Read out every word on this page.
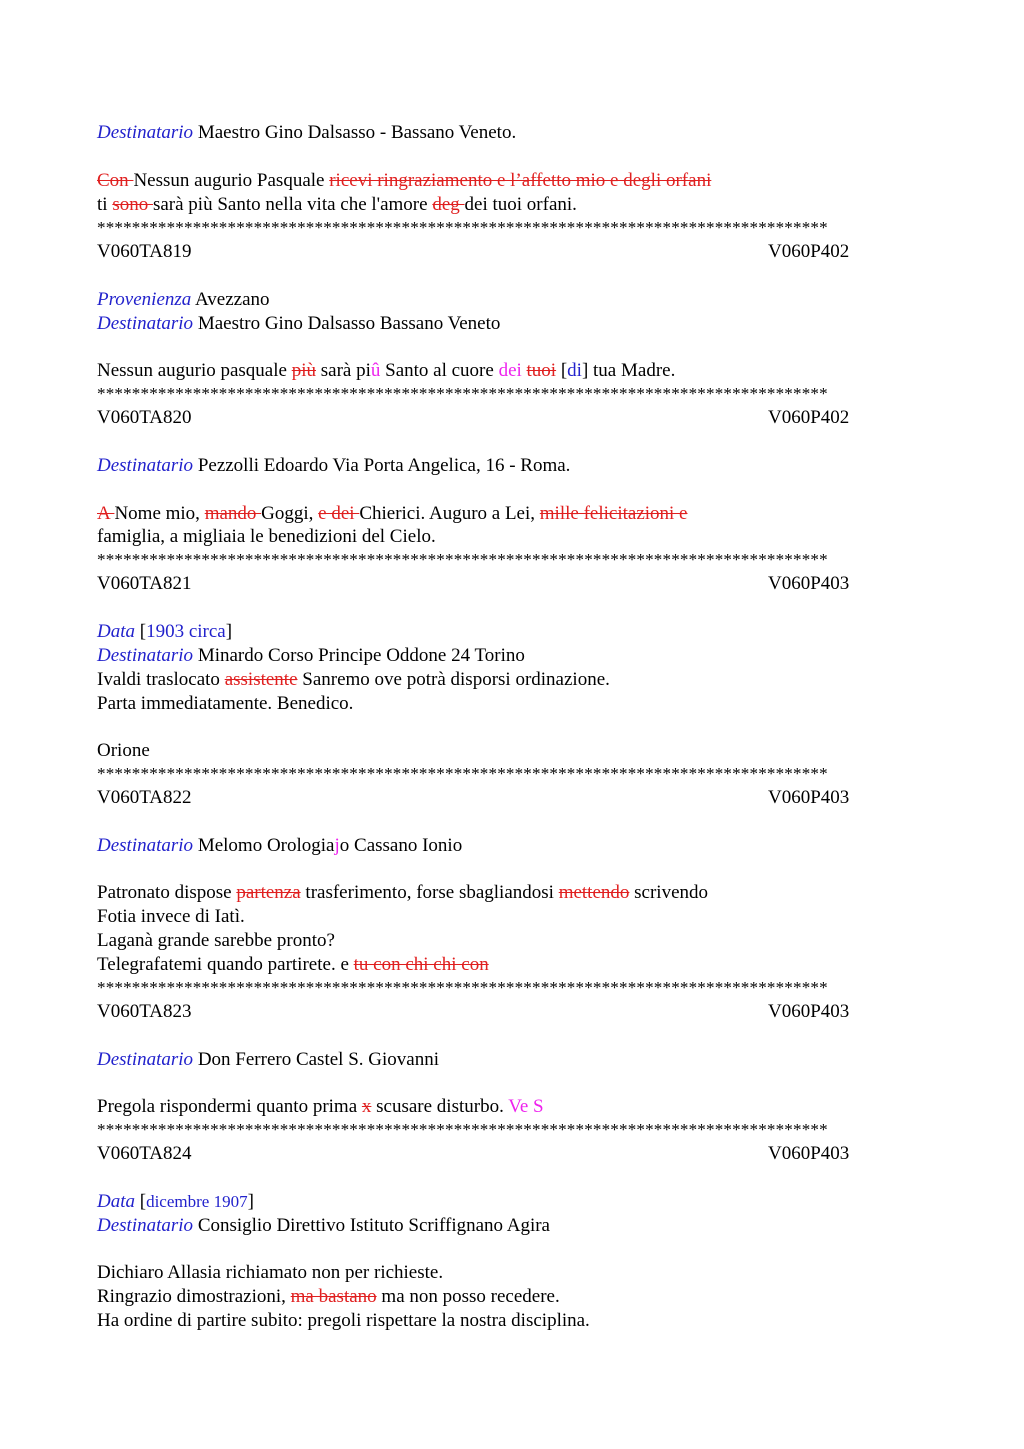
Destinatario Maestro Gino Dalsasso - Bassano Veneto.
Con Nessun augurio Pasquale ricevi ringraziamento e l’affetto mio e degli orfani
ti sono sarà più Santo nella vita che l'amore deg dei tuoi orfani.
************************************************************************************
V060TA819	V060P402
Provenienza Avezzano
Destinatario Maestro Gino Dalsasso Bassano Veneto
Nessun augurio pasquale più sarà piû Santo al cuore dei tuoi [di] tua Madre.
************************************************************************************
V060TA820	V060P402
Destinatario Pezzolli Edoardo Via Porta Angelica, 16 - Roma.
A Nome mio, mando Goggi, e dei Chierici. Auguro a Lei, mille felicitazioni e
famiglia, a migliaia le benedizioni del Cielo.
************************************************************************************
V060TA821	V060P403
Data [1903 circa]
Destinatario Minardo Corso Principe Oddone 24 Torino
Ivaldi traslocato assistente Sanremo ove potrà disporsi ordinazione.
Parta immediatamente. Benedico.
Orione
************************************************************************************
V060TA822	V060P403
Destinatario Melomo Orologiajo Cassano Ionio
Patronato dispose partenza trasferimento, forse sbagliandosi mettendo scrivendo
Fotia invece di Iatì.
Laganà grande sarebbe pronto?
Telegrafatemi quando partirete. e tu con chi chi con
************************************************************************************
V060TA823	V060P403
Destinatario Don Ferrero Castel S. Giovanni
Pregola rispondermi quanto prima x scusare disturbo. Ve S
************************************************************************************
V060TA824	V060P403
Data [dicembre 1907]
Destinatario Consiglio Direttivo Istituto Scriffignano Agira
Dichiaro Allasia richiamato non per richieste.
Ringrazio dimostrazioni, ma bastano ma non posso recedere.
Ha ordine di partire subito: pregoli rispettare la nostra disciplina.
